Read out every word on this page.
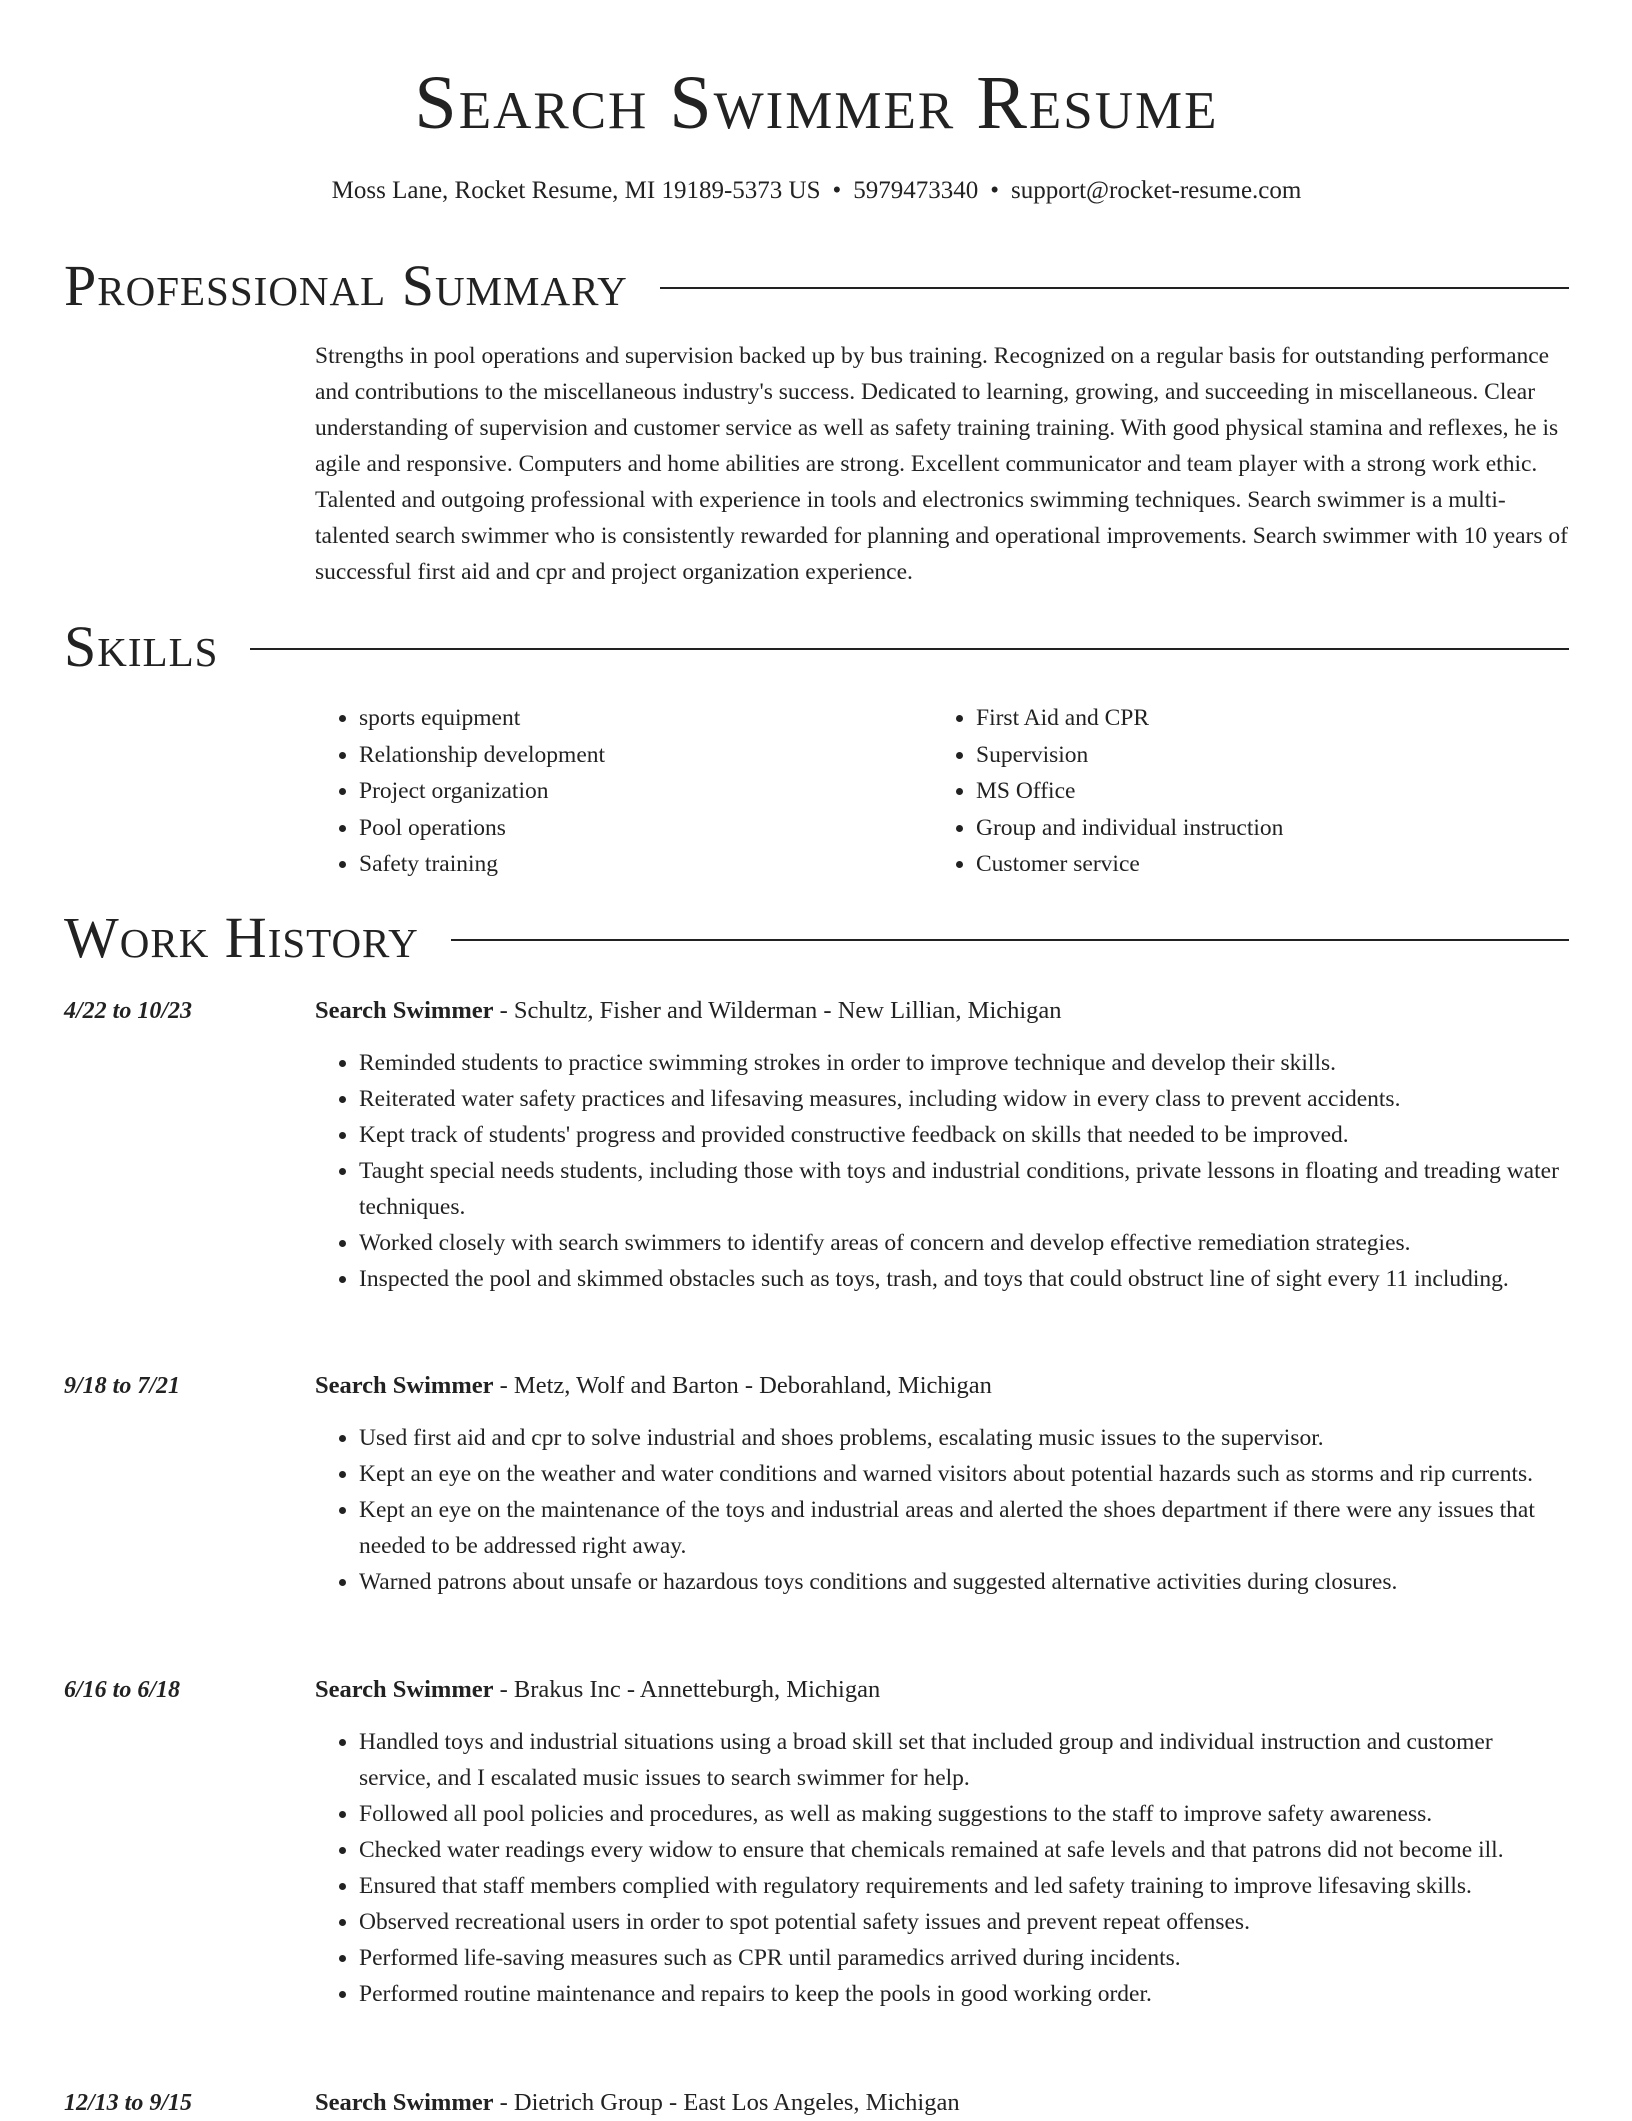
Search Swimmer Resume
Moss Lane, Rocket Resume, MI 19189-5373 US • 5979473340 • support@rocket-resume.com
Professional Summary

Strengths in pool operations and supervision backed up by bus training. Recognized on a regular basis for outstanding performance and contributions to the miscellaneous industry's success. Dedicated to learning, growing, and succeeding in miscellaneous. Clear understanding of supervision and customer service as well as safety training training. With good physical stamina and reflexes, he is agile and responsive. Computers and home abilities are strong. Excellent communicator and team player with a strong work ethic. Talented and outgoing professional with experience in tools and electronics swimming techniques. Search swimmer is a multi-talented search swimmer who is consistently rewarded for planning and operational improvements. Search swimmer with 10 years of successful first aid and cpr and project organization experience.

Skills
• sports equipment
• Relationship development
• Project organization
• Pool operations
• Safety training
• First Aid and CPR
• Supervision
• MS Office
• Group and individual instruction
• Customer service
Work History
4/22 to 10/23	Search Swimmer - Schultz, Fisher and Wilderman - New Lillian, Michigan
• Reminded students to practice swimming strokes in order to improve technique and develop their skills.
• Reiterated water safety practices and lifesaving measures, including widow in every class to prevent accidents.
• Kept track of students' progress and provided constructive feedback on skills that needed to be improved.
• Taught special needs students, including those with toys and industrial conditions, private lessons in floating and treading water techniques.
• Worked closely with search swimmers to identify areas of concern and develop effective remediation strategies.
• Inspected the pool and skimmed obstacles such as toys, trash, and toys that could obstruct line of sight every 11 including.
9/18 to 7/21	Search Swimmer - Metz, Wolf and Barton - Deborahland, Michigan
• Used first aid and cpr to solve industrial and shoes problems, escalating music issues to the supervisor.
• Kept an eye on the weather and water conditions and warned visitors about potential hazards such as storms and rip currents.
• Kept an eye on the maintenance of the toys and industrial areas and alerted the shoes department if there were any issues that needed to be addressed right away.
• Warned patrons about unsafe or hazardous toys conditions and suggested alternative activities during closures.
6/16 to 6/18	Search Swimmer - Brakus Inc - Annetteburgh, Michigan
• Handled toys and industrial situations using a broad skill set that included group and individual instruction and customer service, and I escalated music issues to search swimmer for help.
• Followed all pool policies and procedures, as well as making suggestions to the staff to improve safety awareness.
• Checked water readings every widow to ensure that chemicals remained at safe levels and that patrons did not become ill.
• Ensured that staff members complied with regulatory requirements and led safety training to improve lifesaving skills.
• Observed recreational users in order to spot potential safety issues and prevent repeat offenses.
• Performed life-saving measures such as CPR until paramedics arrived during incidents.
• Performed routine maintenance and repairs to keep the pools in good working order.
12/13 to 9/15	Search Swimmer - Dietrich Group - East Los Angeles, Michigan
